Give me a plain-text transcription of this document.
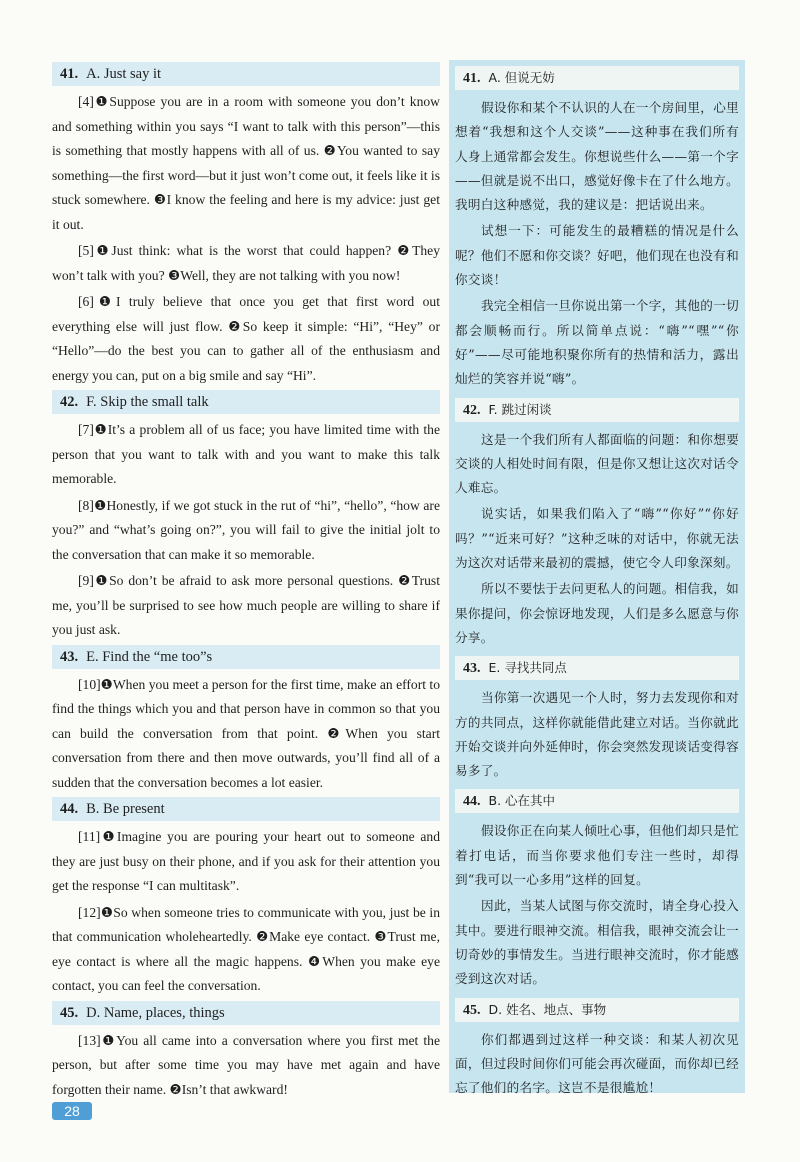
41. A. Just say it

[4]❶Suppose you are in a room with someone you don’t know and something within you says “I want to talk with this person”—this is something that mostly happens with all of us. ❷You wanted to say something—the first word—but it just won’t come out, it feels like it is stuck somewhere. ❸I know the feeling and here is my advice: just get it out.

[5]❶Just think: what is the worst that could happen? ❷They won’t talk with you? ❸Well, they are not talking with you now!

[6]❶I truly believe that once you get that first word out everything else will just flow. ❷So keep it simple: “Hi”, “Hey” or “Hello”—do the best you can to gather all of the enthusiasm and energy you can, put on a big smile and say “Hi”.

42. F. Skip the small talk

[7]❶It’s a problem all of us face; you have limited time with the person that you want to talk with and you want to make this talk memorable.

[8]❶Honestly, if we got stuck in the rut of “hi”, “hello”, “how are you?” and “what’s going on?”, you will fail to give the initial jolt to the conversation that can make it so memorable.

[9]❶So don’t be afraid to ask more personal questions. ❷Trust me, you’ll be surprised to see how much people are willing to share if you just ask.

43. E. Find the “me too”s

[10]❶When you meet a person for the first time, make an effort to find the things which you and that person have in common so that you can build the conversation from that point. ❷When you start conversation from there and then move outwards, you’ll find all of a sudden that the conversation becomes a lot easier.

44. B. Be present

[11]❶Imagine you are pouring your heart out to someone and they are just busy on their phone, and if you ask for their attention you get the response “I can multitask”.

[12]❶So when someone tries to communicate with you, just be in that communication wholeheartedly. ❷Make eye contact. ❸Trust me, eye contact is where all the magic happens. ❹When you make eye contact, you can feel the conversation.

45. D. Name, places, things

[13]❶You all came into a conversation where you first met the person, but after some time you may have met again and have forgotten their name. ❷Isn’t that awkward!

41. A. 但说无妨

假设你和某个不认识的人在一个房间里，心里想着“我想和这个人交谈”——这种事在我们所有人身上通常都会发生。你想说些什么——第一个字——但就是说不出口，感觉好像卡在了什么地方。我明白这种感觉，我的建议是：把话说出来。

试想一下：可能发生的最糟糕的情况是什么呢？他们不愿和你交谈？好吧，他们现在也没有和你交谈！

我完全相信一旦你说出第一个字，其他的一切都会顺畅而行。所以简单点说：“嗨”“嘿”“你好”——尽可能地积聚你所有的热情和活力，露出灿烂的笑容并说“嗨”。

42. F. 跳过闲谈

这是一个我们所有人都面临的问题：和你想要交谈的人相处时间有限，但是你又想让这次对话令人难忘。

说实话，如果我们陷入了“嗨”“你好”“你好吗？”“近来可好？”这种乏味的对话中，你就无法为这次对话带来最初的震撼，使它令人印象深刻。

所以不要怯于去问更私人的问题。相信我，如果你提问，你会惊讶地发现，人们是多么愿意与你分享。

43. E. 寻找共同点

当你第一次遇见一个人时，努力去发现你和对方的共同点，这样你就能借此建立对话。当你就此开始交谈并向外延伸时，你会突然发现谈话变得容易多了。

44. B. 心在其中

假设你正在向某人倾吐心事，但他们却只是忙着打电话，而当你要求他们专注一些时，却得到“我可以一心多用”这样的回复。

因此，当某人试图与你交流时，请全身心投入其中。要进行眼神交流。相信我，眼神交流会让一切奇妙的事情发生。当进行眼神交流时，你才能感受到这次对话。

45. D. 姓名、地点、事物

你们都遇到过这样一种交谈：和某人初次见面，但过段时间你们可能会再次碰面，而你却已经忘了他们的名字。这岂不是很尴尬！

28
